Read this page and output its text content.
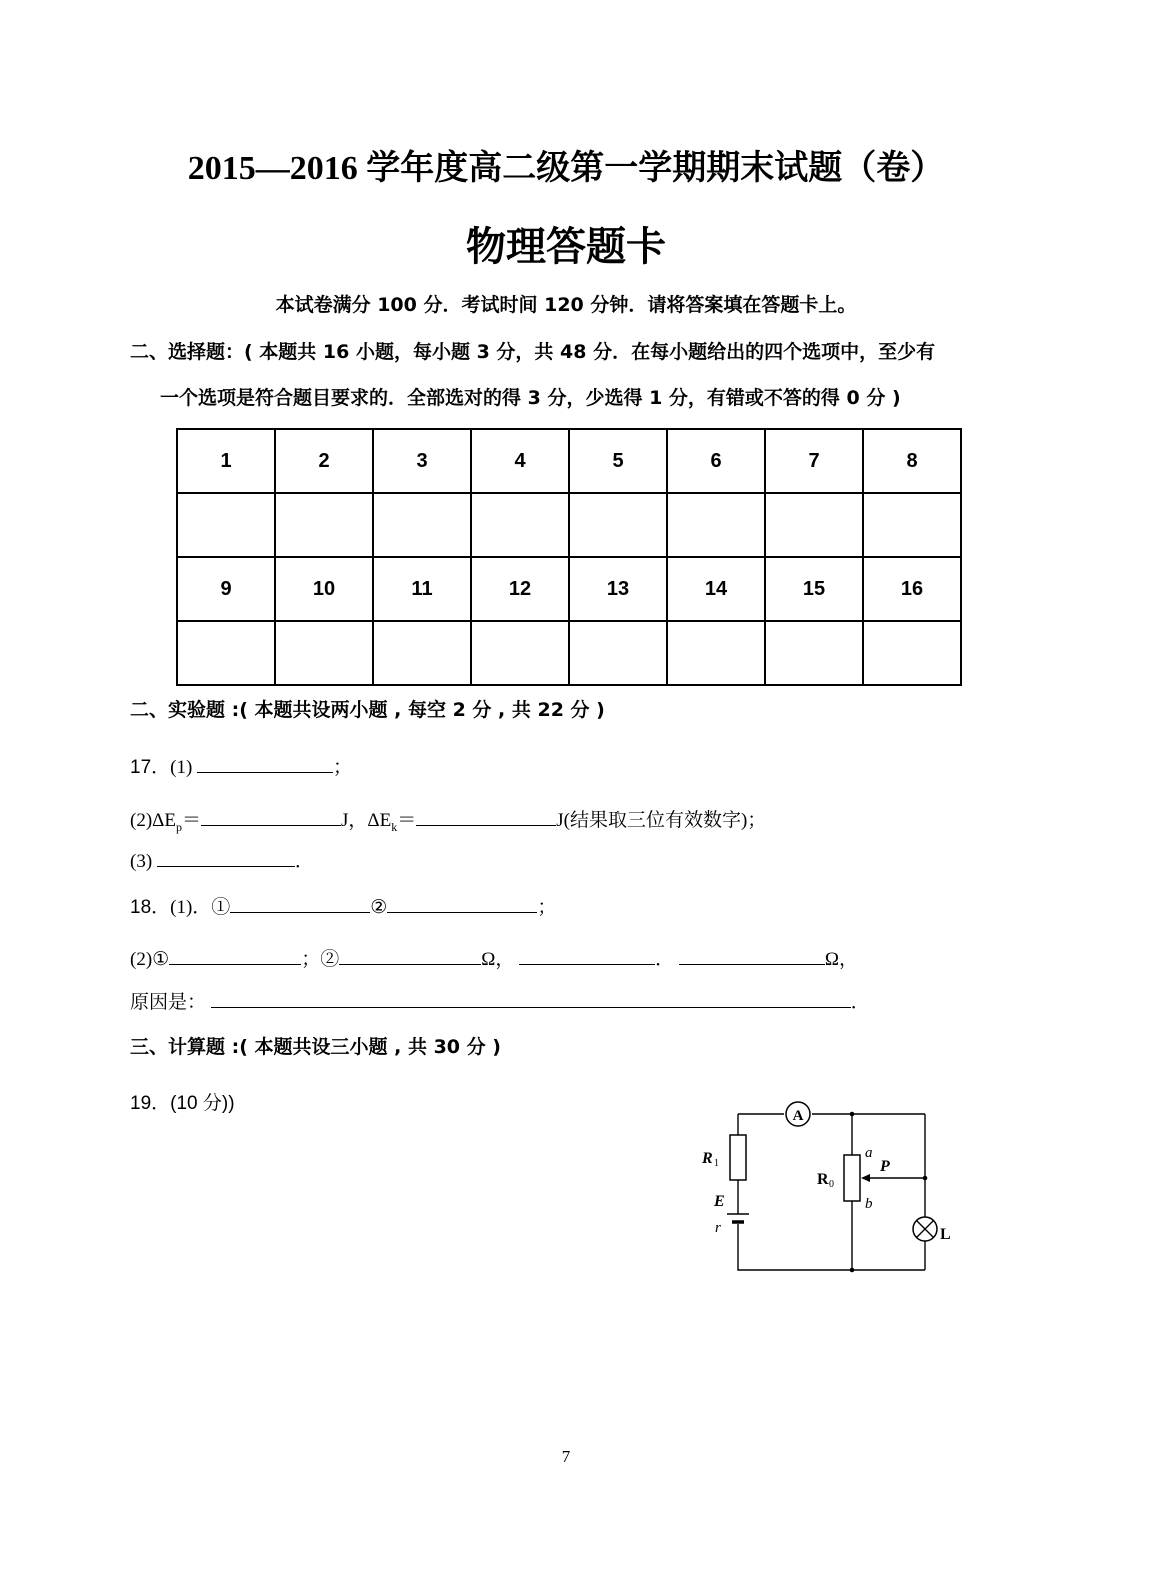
2015—2016 学年度高二级第一学期期末试题（卷）
物理答题卡
本试卷满分 100 分．考试时间 120 分钟．请将答案填在答题卡上。
二、选择题：( 本题共 16 小题，每小题 3 分，共 48 分．在每小题给出的四个选项中，至少有
一个选项是符合题目要求的．全部选对的得 3 分，少选得 1 分，有错或不答的得 0 分 )
1	2	3	4	5	6	7	8

9	10	11	12	13	14	15	16

二、实验题 :( 本题共设两小题 , 每空 2 分 , 共 22 分 )
17．(1)	；
$(2)\Delta E_p=$	J，$\Delta E_k=$	J(结果取三位有效数字)；
(3)	．
18．(1)．①	②	；
(2)①	；②	Ω，	．	Ω，
原因是：	．
三、计算题 :( 本题共设三小题 , 共 30 分 )
19．(10 分))
A
R 1
E
r
R 0
a
b
P
L
7
